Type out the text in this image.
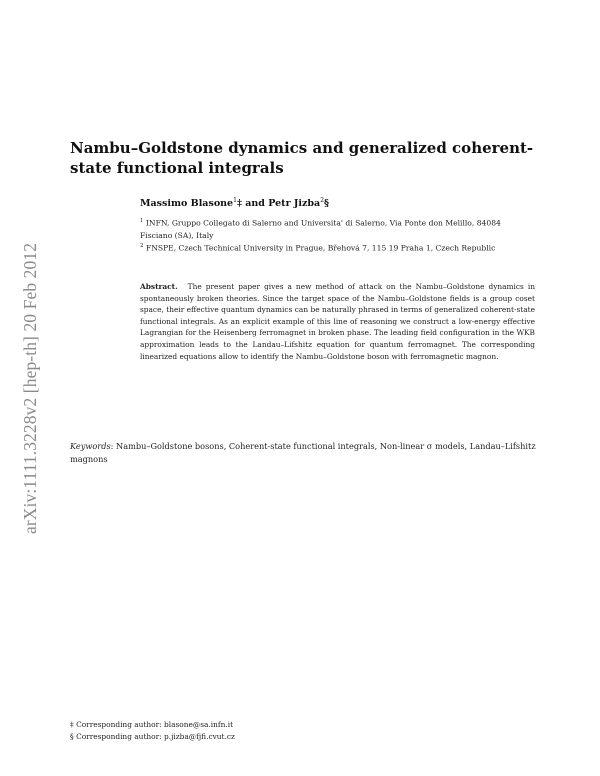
arXiv:1111.3228v2 [hep-th] 20 Feb 2012
Nambu–Goldstone dynamics and generalized coherent-state functional integrals
Massimo Blasone$^1$‡ and Petr Jizba$^2$§
$^1$ INFN, Gruppo Collegato di Salerno and Universita' di Salerno, Via Ponte don Melillo, 84084 Fisciano (SA), Italy
$^2$ FNSPE, Czech Technical University in Prague, Břehová 7, 115 19 Praha 1, Czech Republic
Abstract. The present paper gives a new method of attack on the Nambu–Goldstone dynamics in spontaneously broken theories. Since the target space of the Nambu–Goldstone fields is a group coset space, their effective quantum dynamics can be naturally phrased in terms of generalized coherent-state functional integrals. As an explicit example of this line of reasoning we construct a low-energy effective Lagrangian for the Heisenberg ferromagnet in broken phase. The leading field configuration in the WKB approximation leads to the Landau–Lifshitz equation for quantum ferromagnet. The corresponding linearized equations allow to identify the Nambu–Goldstone boson with ferromagnetic magnon.
Keywords: Nambu–Goldstone bosons, Coherent-state functional integrals, Non-linear σ models, Landau–Lifshitz magnons
‡ Corresponding author: blasone@sa.infn.it
§ Corresponding author: p.jizba@fjfi.cvut.cz
